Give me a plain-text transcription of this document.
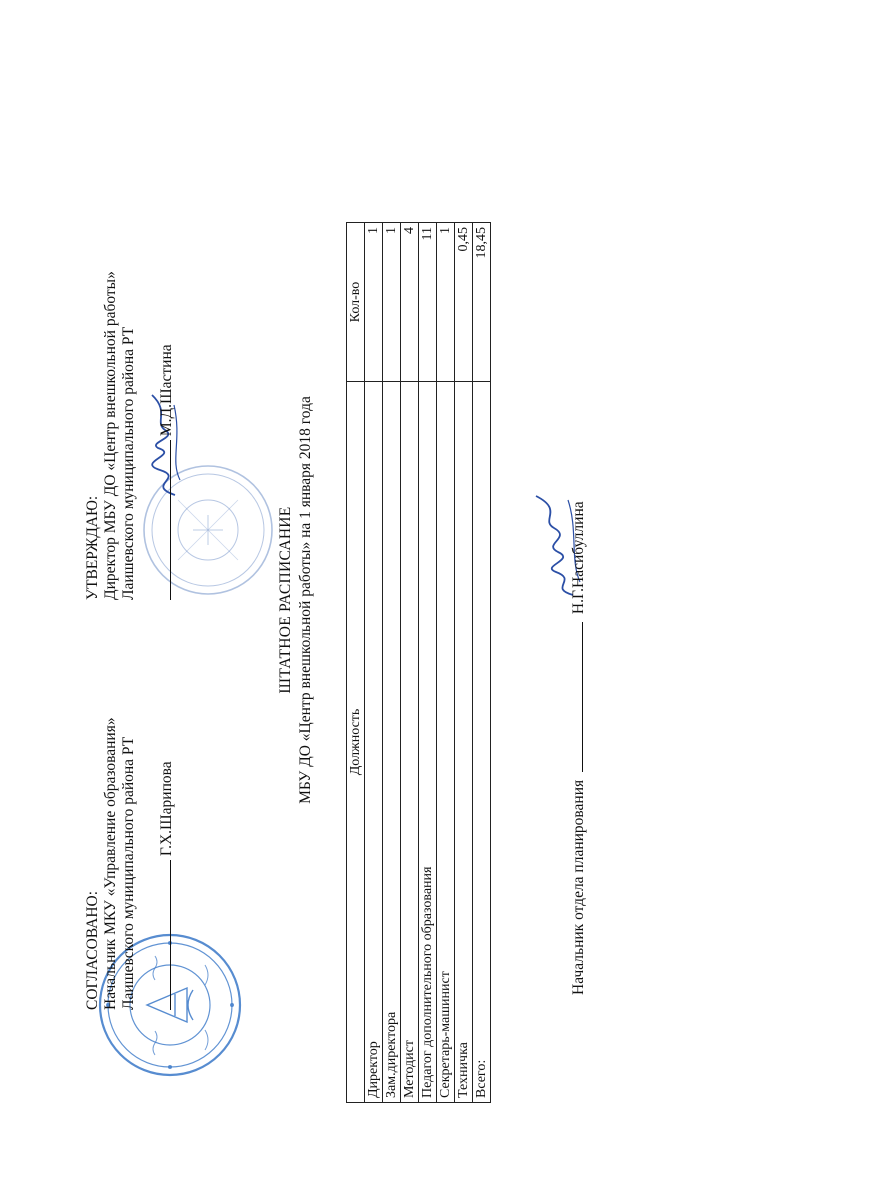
СОГЛАСОВАНО: Начальник МКУ «Управление образования» Лаишевского муниципального района РТ Г.Х.Шарипова
УТВЕРЖДАЮ: Директор МБУ ДО «Центр внешкольной работы» Лаишевского муниципального района РТ М.Д.Шастина
ШТАТНОЕ РАСПИСАНИЕ МБУ ДО «Центр внешкольной работы» на 1 января 2018 года Должность	Кол-во
Директор	1
Зам.директора	1
Методист	4
Педагог дополнительного образования	11
Секретарь-машинист	1
Техничка	0,45
Всего:	18,45
Начальник отдела планирования  Н.Г.Насибуллина
